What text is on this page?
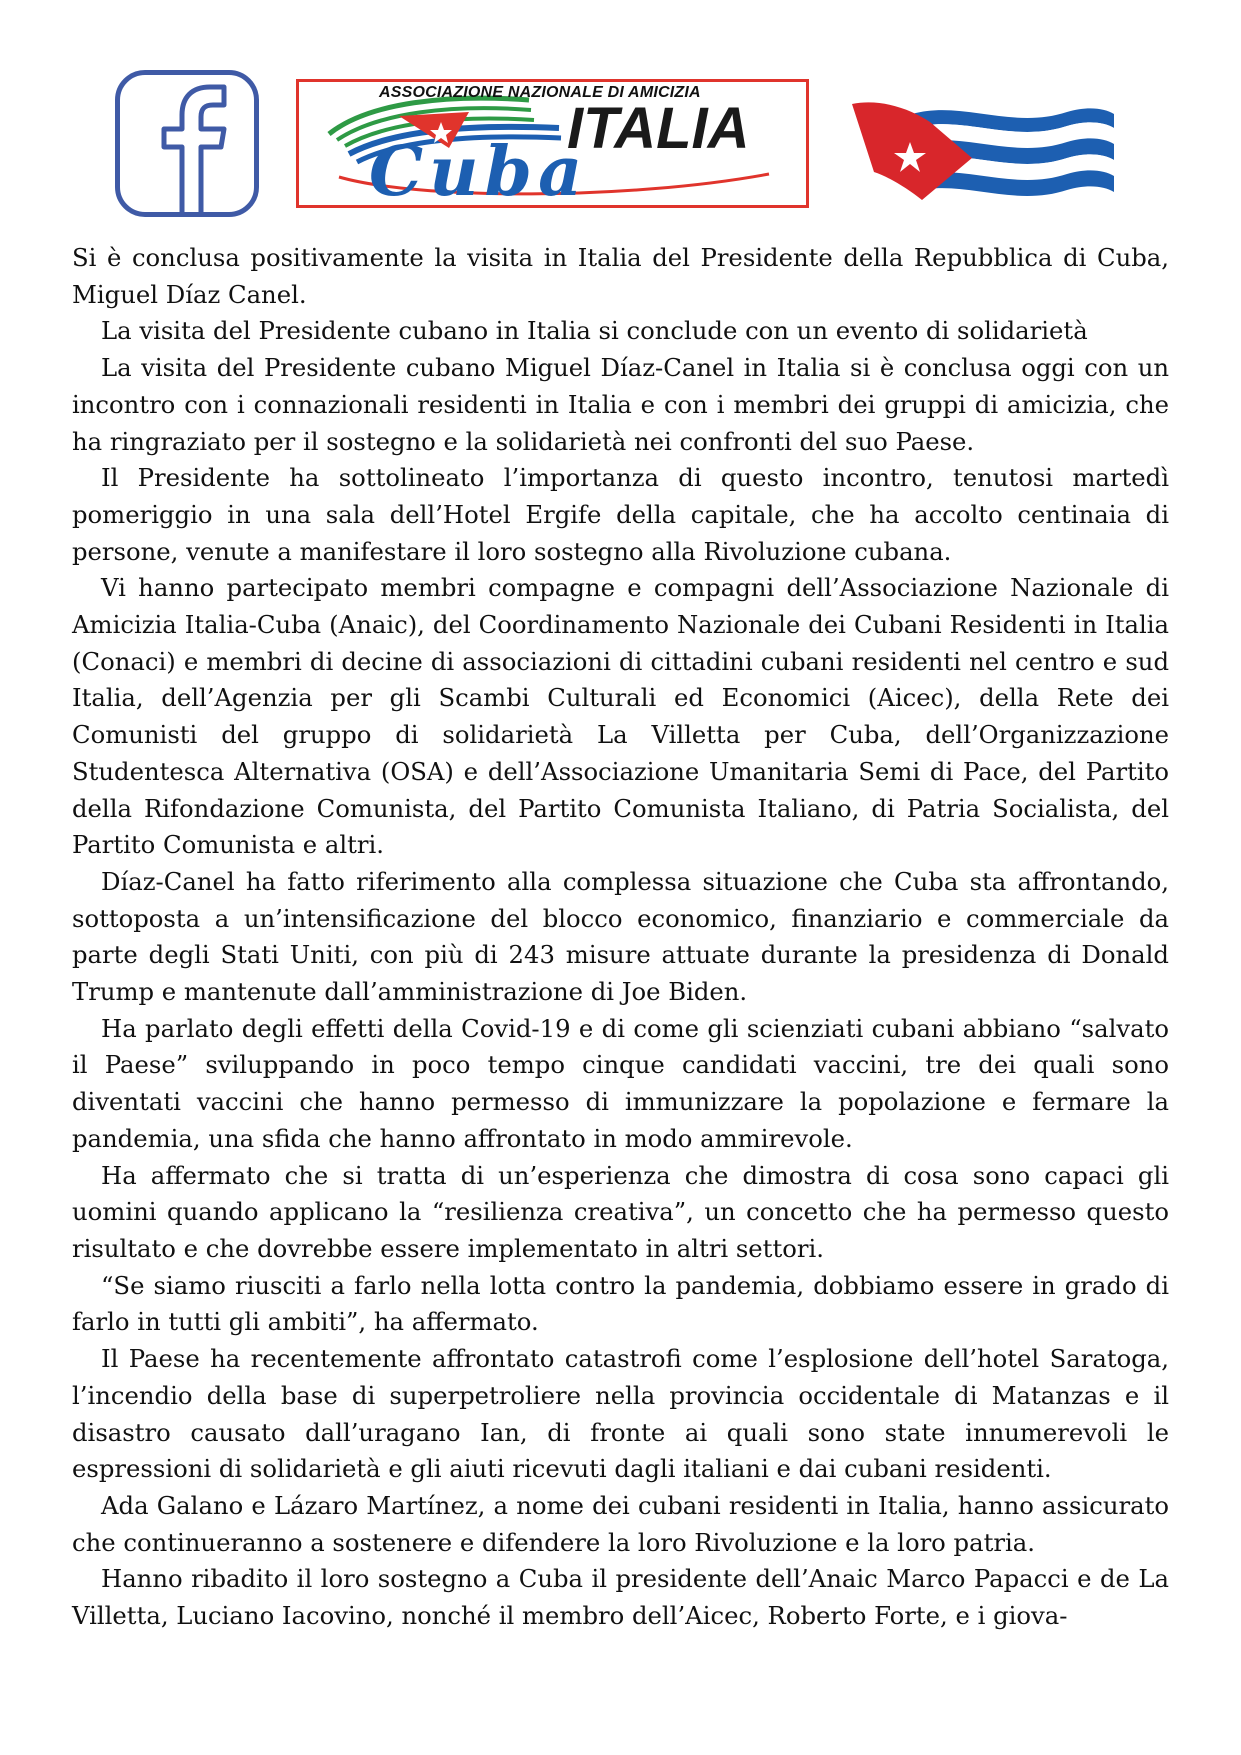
ASSOCIAZIONE NAZIONALE DI AMICIZIA
ITALIA
Cuba

Si è conclusa positivamente la visita in Italia del Presidente della Repubblica di Cuba, Miguel Díaz Canel.

La visita del Presidente cubano in Italia si conclude con un evento di solidarietà

La visita del Presidente cubano Miguel Díaz-Canel in Italia si è conclusa oggi con un incontro con i connazionali residenti in Italia e con i membri dei gruppi di amicizia, che ha ringraziato per il sostegno e la solidarietà nei confronti del suo Paese.

Il Presidente ha sottolineato l’importanza di questo incontro, tenutosi martedì pomeriggio in una sala dell’Hotel Ergife della capitale, che ha accolto centinaia di persone, venute a manifestare il loro sostegno alla Rivoluzione cubana.

Vi hanno partecipato membri compagne e compagni dell’Associazione Nazionale di Amicizia Italia-Cuba (Anaic), del Coordinamento Nazionale dei Cubani Residenti in Italia (Conaci) e membri di decine di associazioni di cittadini cubani residenti nel centro e sud Italia, dell’Agenzia per gli Scambi Culturali ed Economici (Aicec), della Rete dei Comunisti del gruppo di solidarietà La Villetta per Cuba, dell’Organizzazione Studentesca Alternativa (OSA) e dell’Associazione Umanitaria Semi di Pace, del Partito della Rifondazione Comunista, del Partito Comunista Italiano, di Patria Socialista, del Partito Comunista e altri.

Díaz-Canel ha fatto riferimento alla complessa situazione che Cuba sta affrontando, sottoposta a un’intensificazione del blocco economico, finanziario e commerciale da parte degli Stati Uniti, con più di 243 misure attuate durante la presidenza di Donald Trump e mantenute dall’amministrazione di Joe Biden.

Ha parlato degli effetti della Covid-19 e di come gli scienziati cubani abbiano “salvato il Paese” sviluppando in poco tempo cinque candidati vaccini, tre dei quali sono diventati vaccini che hanno permesso di immunizzare la popolazione e fermare la pandemia, una sfida che hanno affrontato in modo ammirevole.

Ha affermato che si tratta di un’esperienza che dimostra di cosa sono capaci gli uomini quando applicano la “resilienza creativa”, un concetto che ha permesso questo risultato e che dovrebbe essere implementato in altri settori.

“Se siamo riusciti a farlo nella lotta contro la pandemia, dobbiamo essere in grado di farlo in tutti gli ambiti”, ha affermato.

Il Paese ha recentemente affrontato catastrofi come l’esplosione dell’hotel Saratoga, l’incendio della base di superpetroliere nella provincia occidentale di Matanzas e il disastro causato dall’uragano Ian, di fronte ai quali sono state innumerevoli le espressioni di solidarietà e gli aiuti ricevuti dagli italiani e dai cubani residenti.

Ada Galano e Lázaro Martínez, a nome dei cubani residenti in Italia, hanno assicurato che continueranno a sostenere e difendere la loro Rivoluzione e la loro patria.

Hanno ribadito il loro sostegno a Cuba il presidente dell’Anaic Marco Papacci e de La Villetta, Luciano Iacovino, nonché il membro dell’Aicec, Roberto Forte, e i giova-
